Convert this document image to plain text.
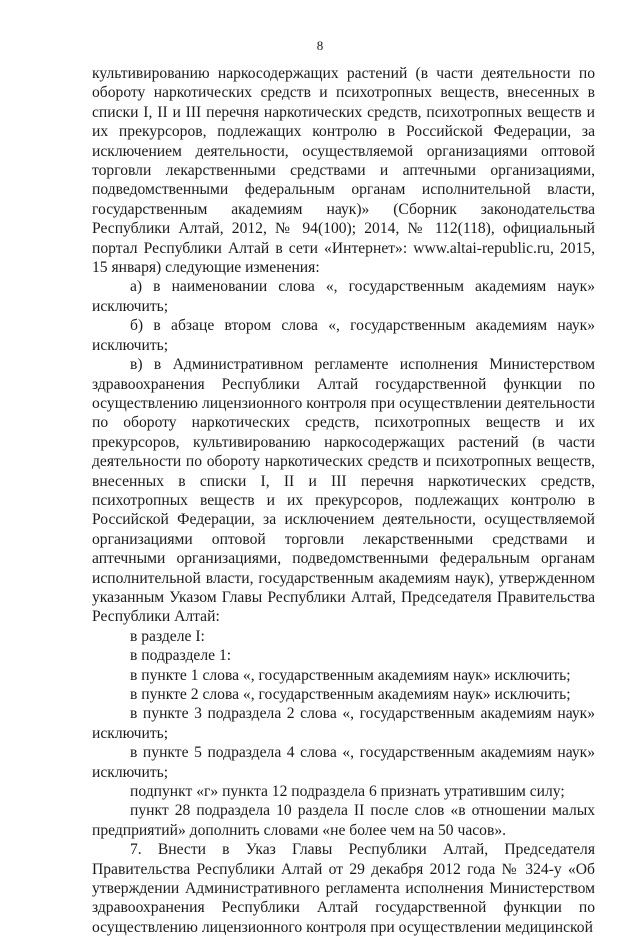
8

культивированию наркосодержащих растений (в части деятельности по обороту наркотических средств и психотропных веществ, внесенных в списки I, II и III перечня наркотических средств, психотропных веществ и их прекурсоров, подлежащих контролю в Российской Федерации, за исключением деятельности, осуществляемой организациями оптовой торговли лекарственными средствами и аптечными организациями, подведомственными федеральным органам исполнительной власти, государственным академиям наук)» (Сборник законодательства Республики Алтай, 2012, № 94(100); 2014, № 112(118), официальный портал Республики Алтай в сети «Интернет»: www.altai-republic.ru, 2015, 15 января) следующие изменения:

а) в наименовании слова «, государственным академиям наук» исключить;

б) в абзаце втором слова «, государственным академиям наук» исключить;

в) в Административном регламенте исполнения Министерством здравоохранения Республики Алтай государственной функции по осуществлению лицензионного контроля при осуществлении деятельности по обороту наркотических средств, психотропных веществ и их прекурсоров, культивированию наркосодержащих растений (в части деятельности по обороту наркотических средств и психотропных веществ, внесенных в списки I, II и III перечня наркотических средств, психотропных веществ и их прекурсоров, подлежащих контролю в Российской Федерации, за исключением деятельности, осуществляемой организациями оптовой торговли лекарственными средствами и аптечными организациями, подведомственными федеральным органам исполнительной власти, государственным академиям наук), утвержденном указанным Указом Главы Республики Алтай, Председателя Правительства Республики Алтай:

в разделе I:

в подразделе 1:

в пункте 1 слова «, государственным академиям наук» исключить;

в пункте 2 слова «, государственным академиям наук» исключить;

в пункте 3 подраздела 2 слова «, государственным академиям наук» исключить;

в пункте 5 подраздела 4 слова «, государственным академиям наук» исключить;

подпункт «г» пункта 12 подраздела 6 признать утратившим силу;

пункт 28 подраздела 10 раздела II после слов «в отношении малых предприятий» дополнить словами «не более чем на 50 часов».

7. Внести в Указ Главы Республики Алтай, Председателя Правительства Республики Алтай от 29 декабря 2012 года № 324-у «Об утверждении Административного регламента исполнения Министерством здравоохранения Республики Алтай государственной функции по осуществлению лицензионного контроля при осуществлении медицинской
